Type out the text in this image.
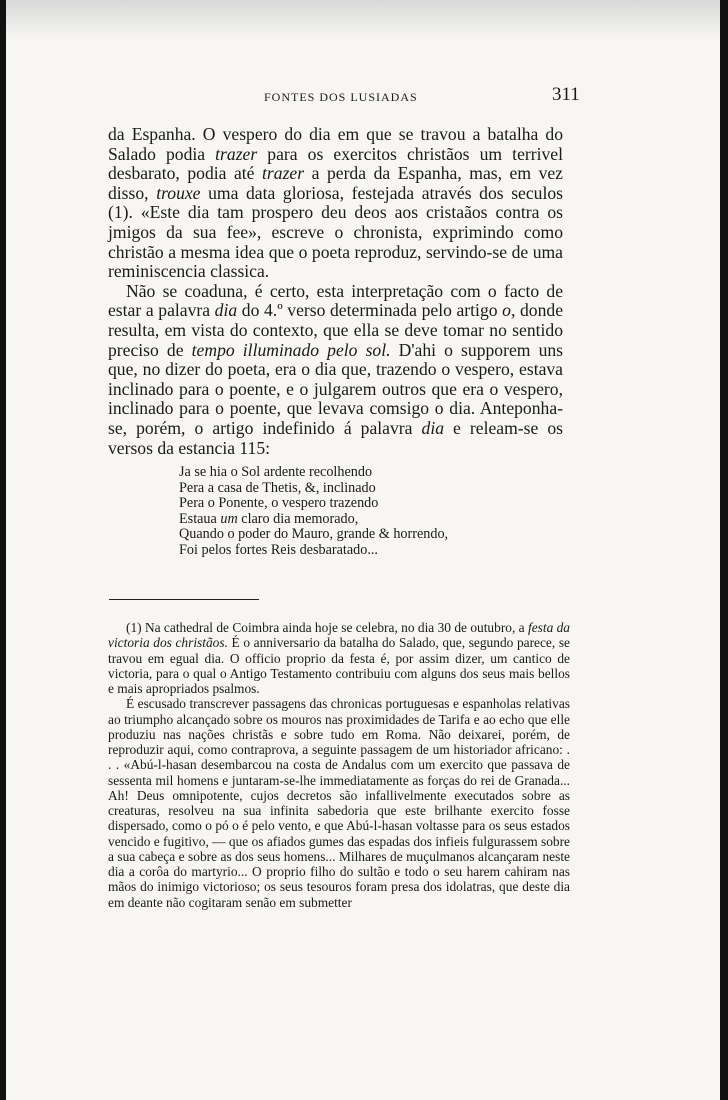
FONTES DOS LUSIADAS	311

da Espanha. O vespero do dia em que se travou a batalha do Salado podia trazer para os exercitos christãos um terrivel desbarato, podia até trazer a perda da Espanha, mas, em vez disso, trouxe uma data gloriosa, festejada através dos seculos (1). «Este dia tam prospero deu deos aos cristaãos contra os jmigos da sua fee», escreve o chronista, exprimindo como christão a mesma idea que o poeta reproduz, servindo-se de uma reminiscencia classica.

Não se coaduna, é certo, esta interpretação com o facto de estar a palavra dia do 4.º verso determinada pelo artigo o, donde resulta, em vista do contexto, que ella se deve tomar no sentido preciso de tempo illuminado pelo sol. D'ahi o supporem uns que, no dizer do poeta, era o dia que, trazendo o vespero, estava inclinado para o poente, e o julgarem outros que era o vespero, inclinado para o poente, que levava comsigo o dia. Anteponha-se, porém, o artigo indefinido á palavra dia e releam-se os versos da estancia 115:

Ja se hia o Sol ardente recolhendo
Pera a casa de Thetis, &, inclinado
Pera o Ponente, o vespero trazendo
Estaua um claro dia memorado,
Quando o poder do Mauro, grande & horrendo,
Foi pelos fortes Reis desbaratado...

(1) Na cathedral de Coimbra ainda hoje se celebra, no dia 30 de outubro, a festa da victoria dos christãos. É o anniversario da batalha do Salado, que, segundo parece, se travou em egual dia. O officio proprio da festa é, por assim dizer, um cantico de victoria, para o qual o Antigo Testamento contribuiu com alguns dos seus mais bellos e mais apropriados psalmos.

É escusado transcrever passagens das chronicas portuguesas e espanholas relativas ao triumpho alcançado sobre os mouros nas proximidades de Tarifa e ao echo que elle produziu nas nações christãs e sobre tudo em Roma. Não deixarei, porém, de reproduzir aqui, como contraprova, a seguinte passagem de um historiador africano: . . . «Abú-l-hasan desembarcou na costa de Andalus com um exercito que passava de sessenta mil homens e juntaram-se-lhe immediatamente as forças do rei de Granada... Ah! Deus omnipotente, cujos decretos são infallivelmente executados sobre as creaturas, resolveu na sua infinita sabedoria que este brilhante exercito fosse dispersado, como o pó o é pelo vento, e que Abú-l-hasan voltasse para os seus estados vencido e fugitivo, — que os afiados gumes das espadas dos infieis fulgurassem sobre a sua cabeça e sobre as dos seus homens... Milhares de muçulmanos alcançaram neste dia a corôa do martyrio... O proprio filho do sultão e todo o seu harem cahiram nas mãos do inimigo victorioso; os seus tesouros foram presa dos idolatras, que deste dia em deante não cogitaram senão em submetter
